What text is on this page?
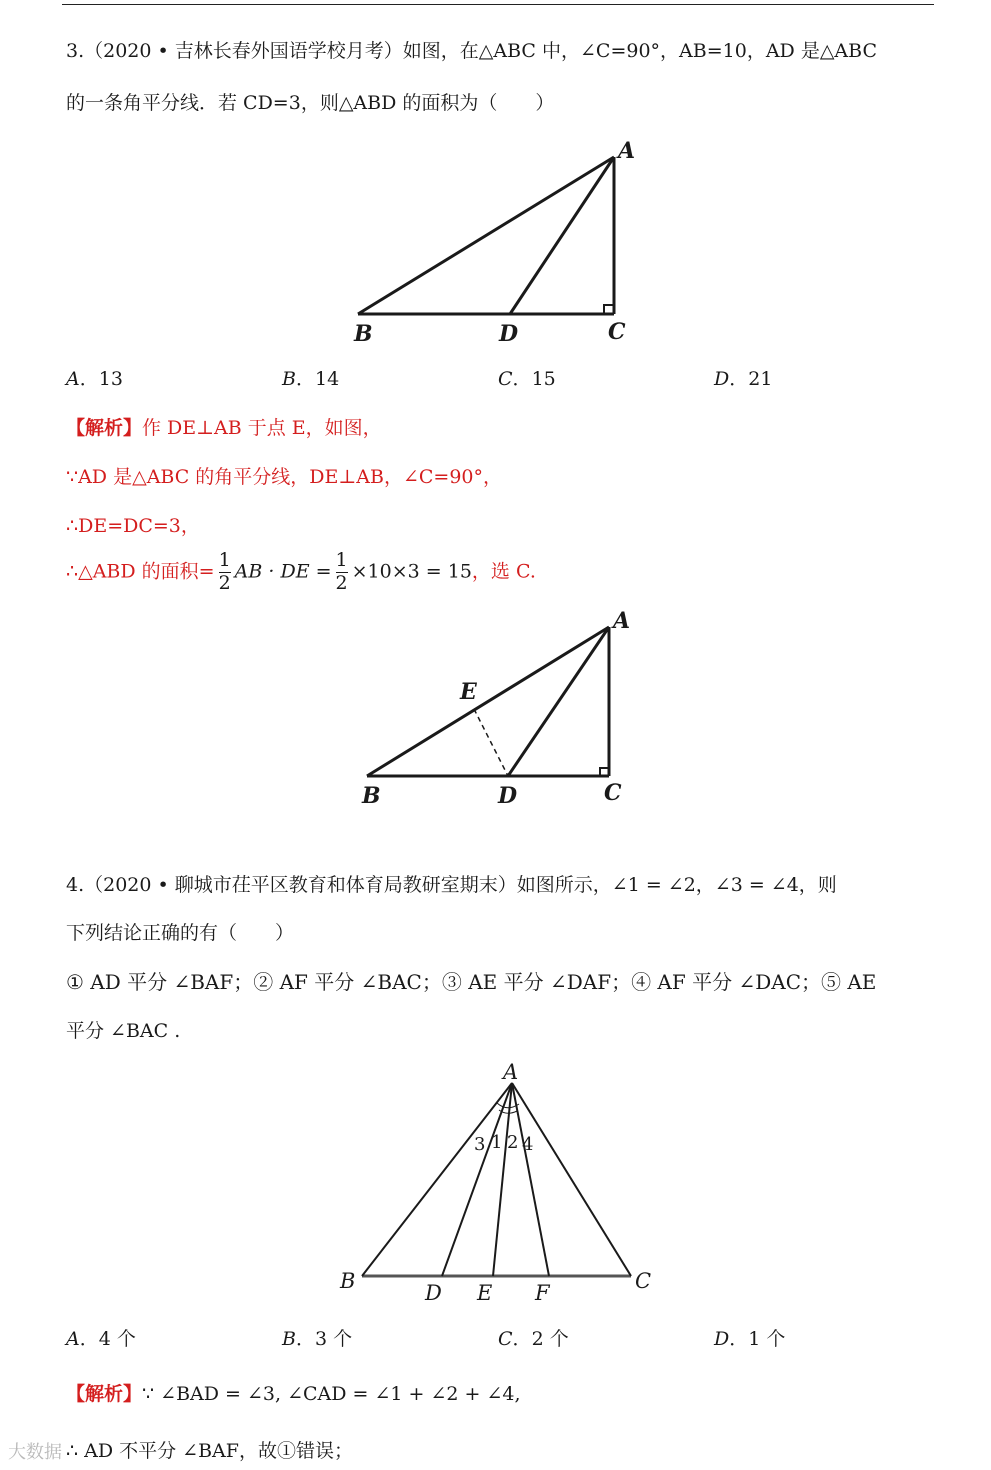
3.（2020 • 吉林长春外国语学校月考）如图，在△ABC 中，∠C=90°，AB=10，AD 是△ABC
的一条角平分线．若 CD=3，则△ABD 的面积为（　　）
A
B	D	C
A．13	B．14	C．15	D．21
【解析】作 DE⊥AB 于点 E，如图，
∵AD 是△ABC 的角平分线，DE⊥AB，∠C=90°，
∴DE=DC=3，
∴△ABD 的面积= $\frac{1}{2}$ AB · DE = $\frac{1}{2} \times 10\times 3 = 15$，选 C.
A
E
B	D	C
4.（2020 • 聊城市茌平区教育和体育局教研室期末）如图所示，∠1 = ∠2，∠3 = ∠4，则
下列结论正确的有（　　）
① AD 平分 ∠BAF；② AF 平分 ∠BAC；③ AE 平分 ∠DAF；④ AF 平分 ∠DAC；⑤ AE
平分 ∠BAC .
A
B	D E F	C
3 1 2 4
A．4 个	B．3 个	C．2 个	D．1 个
【解析】∵ ∠BAD = ∠3, ∠CAD = ∠1 + ∠2 + ∠4,
∴ AD 不平分 ∠BAF，故①错误；
大数据
